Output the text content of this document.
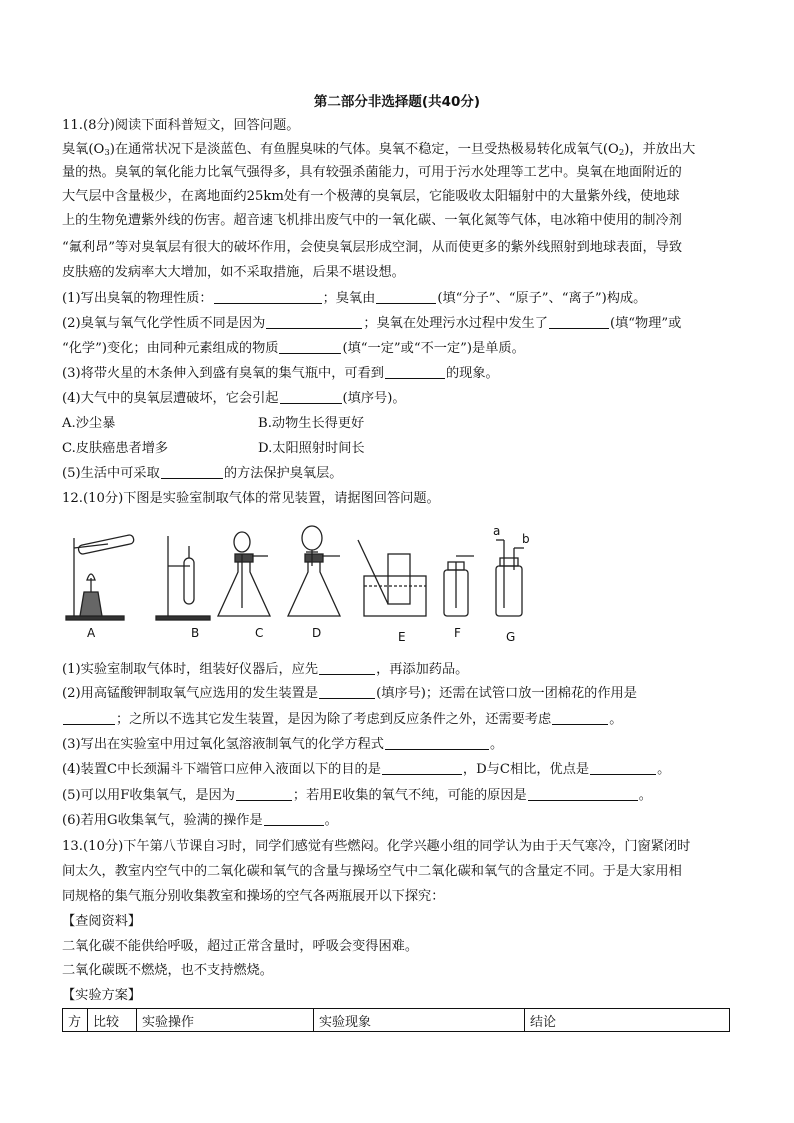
第二部分非选择题(共40分)
11.(8分)阅读下面科普短文，回答问题。
臭氧$(O_3)$在通常状况下是淡蓝色、有鱼腥臭味的气体。臭氧不稳定，一旦受热极易转化成氧气$(O_2)$，并放出大
量的热。臭氧的氧化能力比氧气强得多，具有较强杀菌能力，可用于污水处理等工艺中。臭氧在地面附近的
大气层中含量极少，在离地面约25km处有一个极薄的臭氧层，它能吸收太阳辐射中的大量紫外线，使地球
上的生物免遭紫外线的伤害。超音速飞机排出废气中的一氧化碳、一氧化氮等气体，电冰箱中使用的制冷剂
“氟利昂”等对臭氧层有很大的破坏作用，会使臭氧层形成空洞，从而使更多的紫外线照射到地球表面，导致
皮肤癌的发病率大大增加，如不采取措施，后果不堪设想。
(1)写出臭氧的物理性质：	；臭氧由	(填“分子”、“原子”、“离子”)构成。
(2)臭氧与氧气化学性质不同是因为	；臭氧在处理污水过程中发生了	(填“物理”或
“化学”)变化；由同种元素组成的物质	(填“一定”或“不一定”)是单质。
(3)将带火星的木条伸入到盛有臭氧的集气瓶中，可看到	的现象。
(4)大气中的臭氧层遭破坏，它会引起	(填序号)。
A.沙尘暴	B.动物生长得更好
C.皮肤癌患者增多	D.太阳照射时间长
(5)生活中可采取	的方法保护臭氧层。
12.(10分)下图是实验室制取气体的常见装置，请据图回答问题。
A	B	C	D	E	F	G
a
b
(1)实验室制取气体时，组装好仪器后，应先	，再添加药品。
(2)用高锰酸钾制取氧气应选用的发生装置是	(填序号)；还需在试管口放一团棉花的作用是
；之所以不选其它发生装置，是因为除了考虑到反应条件之外，还需要考虑	。
(3)写出在实验室中用过氧化氢溶液制氧气的化学方程式	。
(4)装置C中长颈漏斗下端管口应伸入液面以下的目的是	，D与C相比，优点是	。
(5)可以用F收集氧气，是因为	；若用E收集的氧气不纯，可能的原因是	。
(6)若用G收集氧气，验满的操作是	。
13.(10分)下午第八节课自习时，同学们感觉有些燃闷。化学兴趣小组的同学认为由于天气寒冷，门窗紧闭时
间太久，教室内空气中的二氧化碳和氧气的含量与操场空气中二氧化碳和氧气的含量定不同。于是大家用相
同规格的集气瓶分别收集教室和操场的空气各两瓶展开以下探究：
【查阅资料】
二氧化碳不能供给呼吸，超过正常含量时，呼吸会变得困难。
二氧化碳既不燃烧，也不支持燃烧。
【实验方案】
方	比较	实验操作	实验现象	结论
